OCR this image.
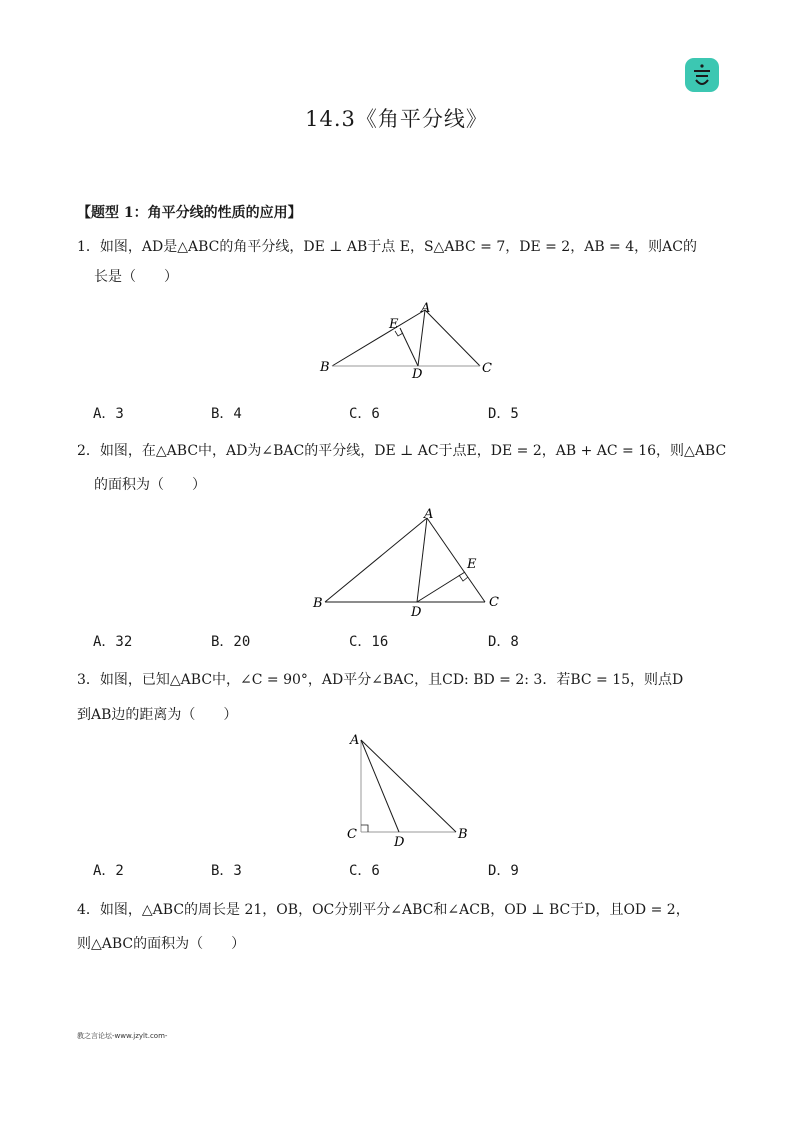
14.3《角平分线》
【题型 1：角平分线的性质的应用】
1．如图，AD是△ABC的角平分线，DE ⊥ AB于点 E，S△ABC = 7，DE = 2，AB = 4，则AC的
长是（　　）
A
E
B	D	C
A．3	B．4	C．6	D．5
2．如图，在△ABC中，AD为∠BAC的平分线，DE ⊥ AC于点E，DE = 2，AB + AC = 16，则△ABC
的面积为（　　）
A
E
B
D
C
A．32	B．20	C．16	D．8
3．如图，已知△ABC中，∠C = 90°，AD平分∠BAC，且CD: BD = 2: 3．若BC = 15，则点D
到AB边的距离为（　　）
A
C
D
B
A．2	B．3	C．6	D．9
4．如图，△ABC的周长是 21，OB，OC分别平分∠ABC和∠ACB，OD ⊥ BC于D，且OD = 2，
则△ABC的面积为（　　）
教之言论坛-www.jzylt.com-
